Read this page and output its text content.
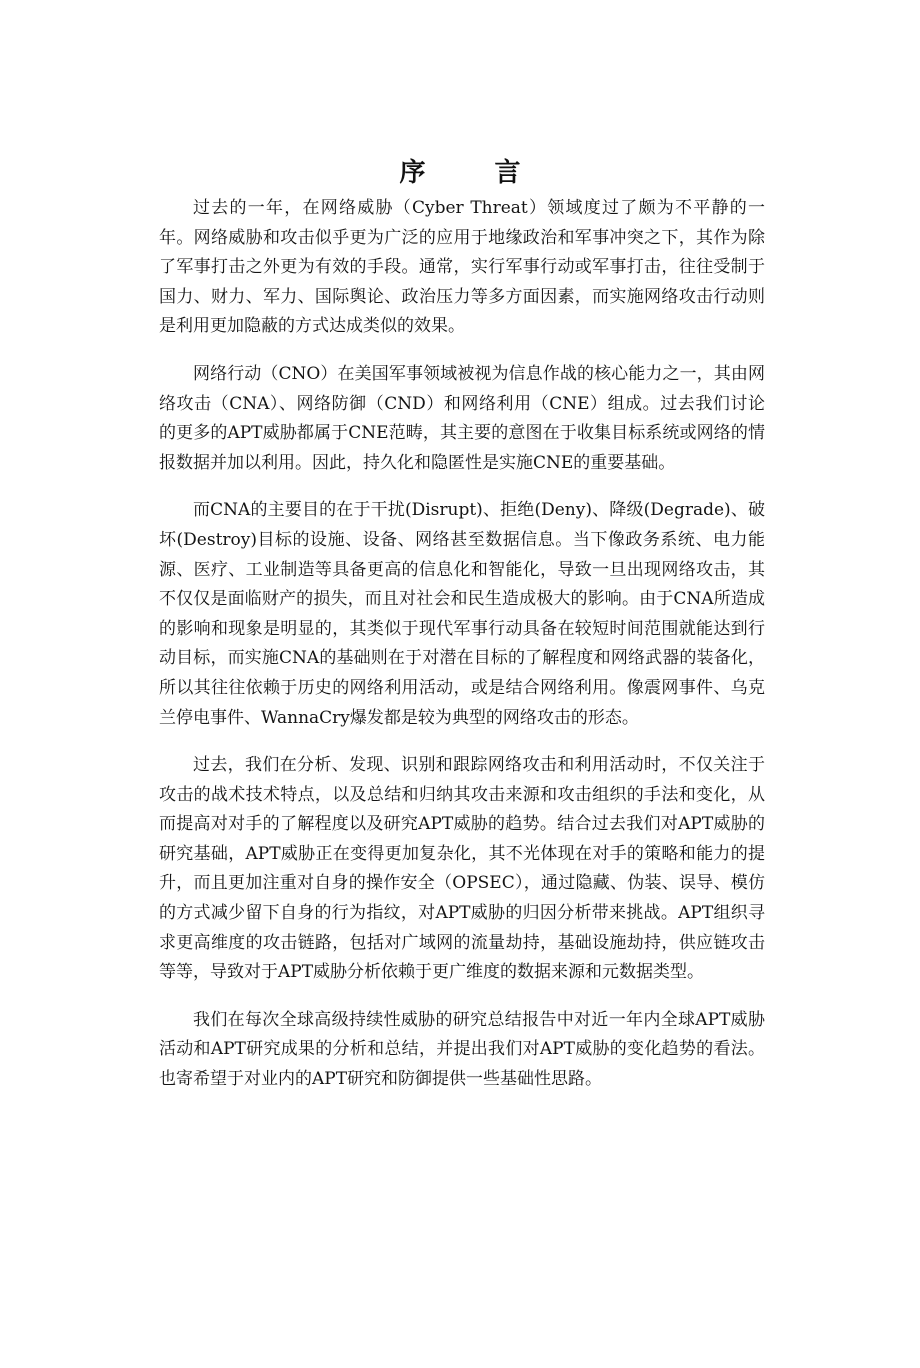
序 言

过去的一年，在网络威胁（Cyber Threat）领域度过了颇为不平静的一年。网络威胁和攻击似乎更为广泛的应用于地缘政治和军事冲突之下，其作为除了军事打击之外更为有效的手段。通常，实行军事行动或军事打击，往往受制于国力、财力、军力、国际舆论、政治压力等多方面因素，而实施网络攻击行动则是利用更加隐蔽的方式达成类似的效果。

网络行动（CNO）在美国军事领域被视为信息作战的核心能力之一，其由网络攻击（CNA）、网络防御（CND）和网络利用（CNE）组成。过去我们讨论的更多的APT威胁都属于CNE范畴，其主要的意图在于收集目标系统或网络的情报数据并加以利用。因此，持久化和隐匿性是实施CNE的重要基础。

而CNA的主要目的在于干扰(Disrupt)、拒绝(Deny)、降级(Degrade)、破坏(Destroy)目标的设施、设备、网络甚至数据信息。当下像政务系统、电力能源、医疗、工业制造等具备更高的信息化和智能化，导致一旦出现网络攻击，其不仅仅是面临财产的损失，而且对社会和民生造成极大的影响。由于CNA所造成的影响和现象是明显的，其类似于现代军事行动具备在较短时间范围就能达到行动目标，而实施CNA的基础则在于对潜在目标的了解程度和网络武器的装备化，所以其往往依赖于历史的网络利用活动，或是结合网络利用。像震网事件、乌克兰停电事件、WannaCry爆发都是较为典型的网络攻击的形态。

过去，我们在分析、发现、识别和跟踪网络攻击和利用活动时，不仅关注于攻击的战术技术特点，以及总结和归纳其攻击来源和攻击组织的手法和变化，从而提高对对手的了解程度以及研究APT威胁的趋势。结合过去我们对APT威胁的研究基础，APT威胁正在变得更加复杂化，其不光体现在对手的策略和能力的提升，而且更加注重对自身的操作安全（OPSEC），通过隐藏、伪装、误导、模仿的方式减少留下自身的行为指纹，对APT威胁的归因分析带来挑战。APT组织寻求更高维度的攻击链路，包括对广域网的流量劫持，基础设施劫持，供应链攻击等等，导致对于APT威胁分析依赖于更广维度的数据来源和元数据类型。

我们在每次全球高级持续性威胁的研究总结报告中对近一年内全球APT威胁活动和APT研究成果的分析和总结，并提出我们对APT威胁的变化趋势的看法。也寄希望于对业内的APT研究和防御提供一些基础性思路。
